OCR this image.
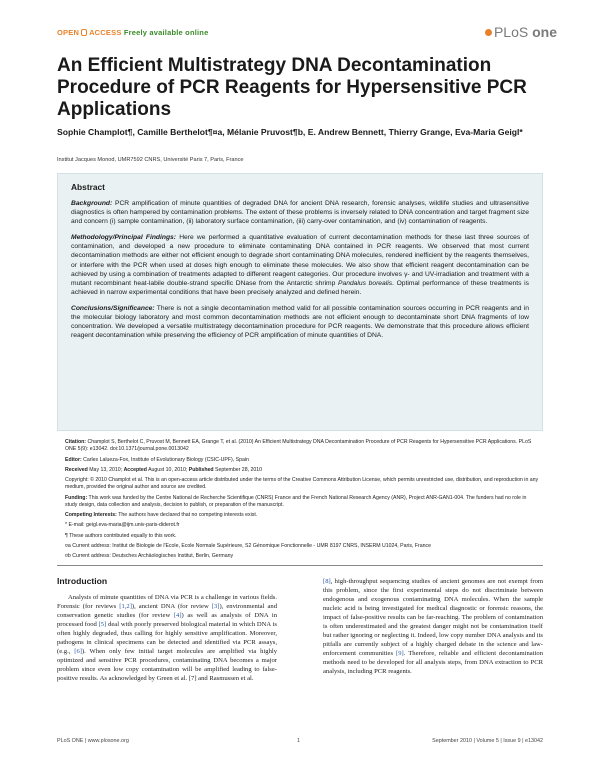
OPEN ACCESS Freely available online	PLoS one
An Efficient Multistrategy DNA Decontamination Procedure of PCR Reagents for Hypersensitive PCR Applications
Sophie Champlot¶, Camille Berthelot¶¤a, Mélanie Pruvost¶b, E. Andrew Bennett, Thierry Grange, Eva-Maria Geigl*
Institut Jacques Monod, UMR7592 CNRS, Université Paris 7, Paris, France
Abstract

Background: PCR amplification of minute quantities of degraded DNA for ancient DNA research, forensic analyses, wildlife studies and ultrasensitive diagnostics is often hampered by contamination problems. The extent of these problems is inversely related to DNA concentration and target fragment size and concern (i) sample contamination, (ii) laboratory surface contamination, (iii) carry-over contamination, and (iv) contamination of reagents.

Methodology/Principal Findings: Here we performed a quantitative evaluation of current decontamination methods for these last three sources of contamination, and developed a new procedure to eliminate contaminating DNA contained in PCR reagents. We observed that most current decontamination methods are either not efficient enough to degrade short contaminating DNA molecules, rendered inefficient by the reagents themselves, or interfere with the PCR when used at doses high enough to eliminate these molecules. We also show that efficient reagent decontamination can be achieved by using a combination of treatments adapted to different reagent categories. Our procedure involves γ- and UV-irradiation and treatment with a mutant recombinant heat-labile double-strand specific DNase from the Antarctic shrimp Pandalus borealis. Optimal performance of these treatments is achieved in narrow experimental conditions that have been precisely analyzed and defined herein.

Conclusions/Significance: There is not a single decontamination method valid for all possible contamination sources occurring in PCR reagents and in the molecular biology laboratory and most common decontamination methods are not efficient enough to decontaminate short DNA fragments of low concentration. We developed a versatile multistrategy decontamination procedure for PCR reagents. We demonstrate that this procedure allows efficient reagent decontamination while preserving the efficiency of PCR amplification of minute quantities of DNA.

Citation: Champlot S, Berthelot C, Pruvost M, Bennett EA, Grange T, et al. (2010) An Efficient Multistrategy DNA Decontamination Procedure of PCR Reagents for Hypersensitive PCR Applications. PLoS ONE 5(9): e13042. doi:10.1371/journal.pone.0013042

Editor: Carles Lalueza-Fox, Institute of Evolutionary Biology (CSIC-UPF), Spain

Received May 13, 2010; Accepted August 10, 2010; Published September 28, 2010

Copyright: © 2010 Champlot et al. This is an open-access article distributed under the terms of the Creative Commons Attribution License, which permits unrestricted use, distribution, and reproduction in any medium, provided the original author and source are credited.

Funding: This work was funded by the Centre National de Recherche Scientifique (CNRS) France and the French National Research Agency (ANR), Project ANR-GAN1-004. The funders had no role in study design, data collection and analysis, decision to publish, or preparation of the manuscript.

Competing Interests: The authors have declared that no competing interests exist.

* E-mail: geigl.eva-maria@ijm.univ-paris-diderot.fr

¶ These authors contributed equally to this work.

¤a Current address: Institut de Biologie de l'Ecole, Ecole Normale Supérieure, S2 Génomique Fonctionnelle - UMR 8197 CNRS, INSERM U1024, Paris, France

¤b Current address: Deutsches Archäologisches Institut, Berlin, Germany

Introduction

Analysis of minute quantities of DNA via PCR is a challenge in various fields. Forensic (for reviews [1,2]), ancient DNA (for review [3]), environmental and conservation genetic studies (for review [4]) as well as analysis of DNA in processed food [5] deal with poorly preserved biological material in which DNA is often highly degraded, thus calling for highly sensitive amplification. Moreover, pathogens in clinical specimens can be detected and identified via PCR assays, (e.g., [6]). When only few initial target molecules are amplified via highly optimized and sensitive PCR procedures, contaminating DNA becomes a major problem since even low copy contamination will be amplified leading to false-positive results. As acknowledged by Green et al. [7] and Rasmussen et al.

[8], high-throughput sequencing studies of ancient genomes are not exempt from this problem, since the first experimental steps do not discriminate between endogenous and exogenous contaminating DNA molecules. When the sample nucleic acid is being investigated for medical diagnostic or forensic reasons, the impact of false-positive results can be far-reaching. The problem of contamination is often underestimated and the greatest danger might not be contamination itself but rather ignoring or neglecting it. Indeed, low copy number DNA analysis and its pitfalls are currently subject of a highly charged debate in the science and law-enforcement communities [9]. Therefore, reliable and efficient decontamination methods need to be developed for all analysis steps, from DNA extraction to PCR analysis, including PCR reagents.

PLoS ONE | www.plosone.org	1	September 2010 | Volume 5 | Issue 9 | e13042
